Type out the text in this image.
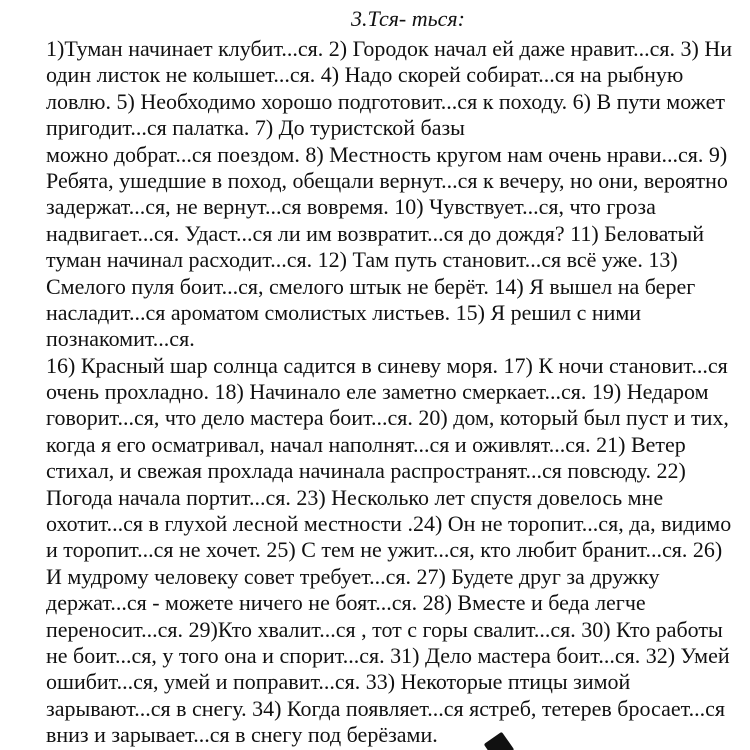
3.Тся- ться:
1)Туман начинает клубит...ся. 2) Городок начал ей даже нравит...ся. 3) Ни
один листок не колышет...ся. 4) Надо скорей собират...ся на рыбную
ловлю. 5) Необходимо хорошо подготовит...ся к походу. 6) В пути может
пригодит...ся палатка. 7) До туристской базы
можно добрат...ся поездом. 8) Местность кругом нам очень нрави...ся. 9)
Ребята, ушедшие в поход, обещали вернут...ся к вечеру, но они, вероятно
задержат...ся, не вернут...ся вовремя. 10) Чувствует...ся, что гроза
надвигает...ся. Удаст...ся ли им возвратит...ся до дождя? 11) Беловатый
туман начинал расходит...ся. 12) Там путь становит...ся всё уже. 13)
Смелого пуля боит...ся, смелого штык не берёт. 14) Я вышел на берег
насладит...ся ароматом смолистых листьев. 15) Я решил с ними
познакомит...ся.
16) Красный шар солнца садится в синеву моря. 17) К ночи становит...ся
очень прохладно. 18) Начинало еле заметно смеркает...ся. 19) Недаром
говорит...ся, что дело мастера боит...ся. 20) дом, который был пуст и тих,
когда я его осматривал, начал наполнят...ся и оживлят...ся. 21) Ветер
стихал, и свежая прохлада начинала распространят...ся повсюду. 22)
Погода начала портит...ся. 23) Несколько лет спустя довелось мне
охотит...ся в глухой лесной местности .24) Он не торопит...ся, да, видимо
и торопит...ся не хочет. 25) С тем не ужит...ся, кто любит бранит...ся. 26)
И мудрому человеку совет требует...ся. 27) Будете друг за дружку
держат...ся - можете ничего не боят...ся. 28) Вместе и беда легче
переносит...ся. 29)Кто хвалит...ся , тот с горы свалит...ся. 30) Кто работы
не боит...ся, у того она и спорит...ся. 31) Дело мастера боит...ся. 32) Умей
ошибит...ся, умей и поправит...ся. 33) Некоторые птицы зимой
зарывают...ся в снегу. 34) Когда появляет...ся ястреб, тетерев бросает...ся
вниз и зарывает...ся в снегу под берёзами.
